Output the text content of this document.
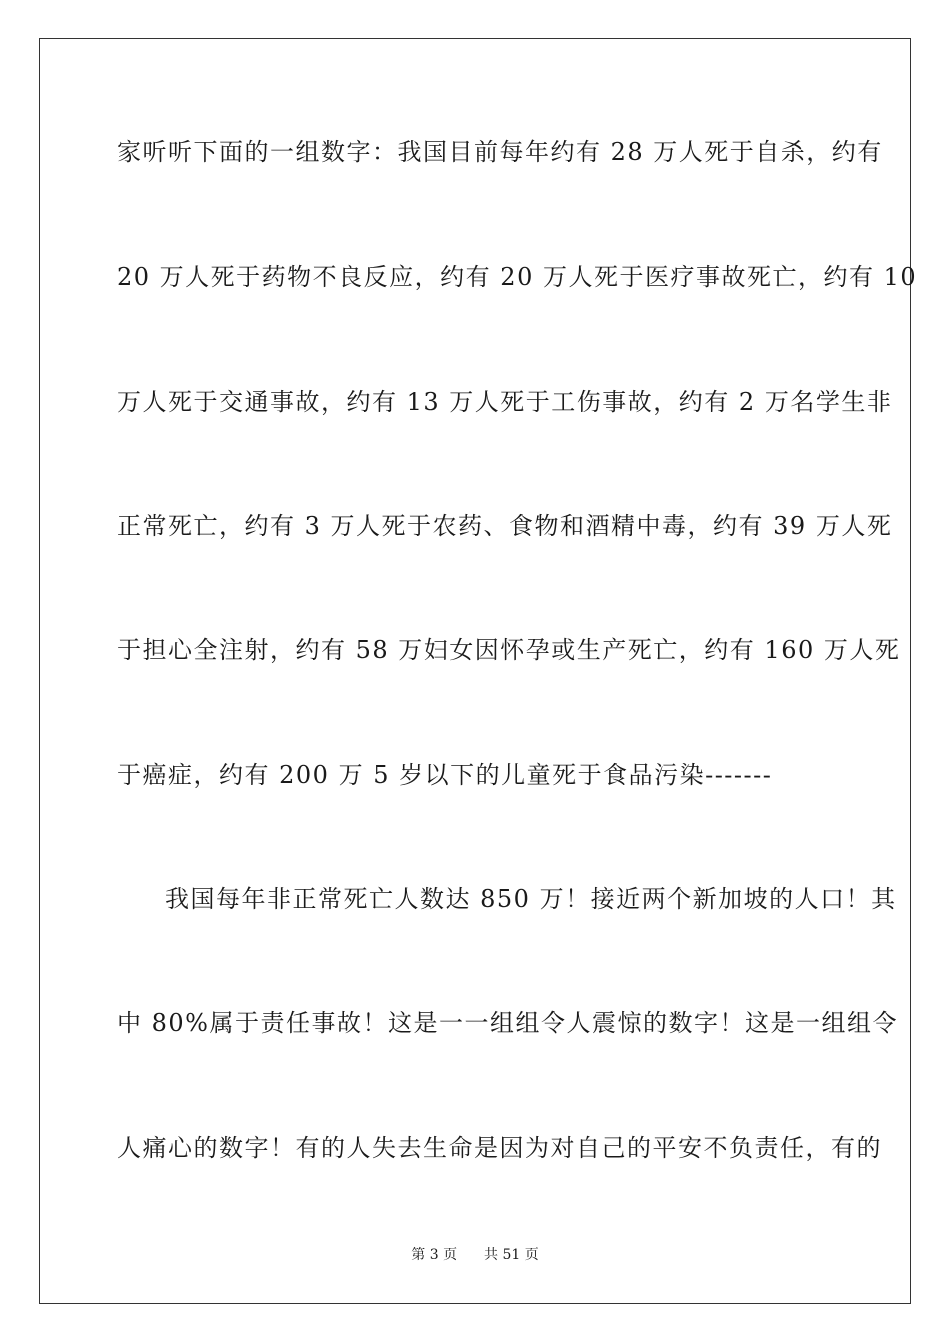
家听听下面的一组数字：我国目前每年约有 28 万人死于自杀，约有
20 万人死于药物不良反应，约有 20 万人死于医疗事故死亡，约有 10
万人死于交通事故，约有 13 万人死于工伤事故，约有 2 万名学生非
正常死亡，约有 3 万人死于农药、食物和酒精中毒，约有 39 万人死
于担心全注射，约有 58 万妇女因怀孕或生产死亡，约有 160 万人死
于癌症，约有 200 万 5 岁以下的儿童死于食品污染-------
我国每年非正常死亡人数达 850 万！接近两个新加坡的人口！其
中 80%属于责任事故！这是一一组组令人震惊的数字！这是一组组令
人痛心的数字！有的人失去生命是因为对自己的平安不负责任，有的
第 3 页 共 51 页
